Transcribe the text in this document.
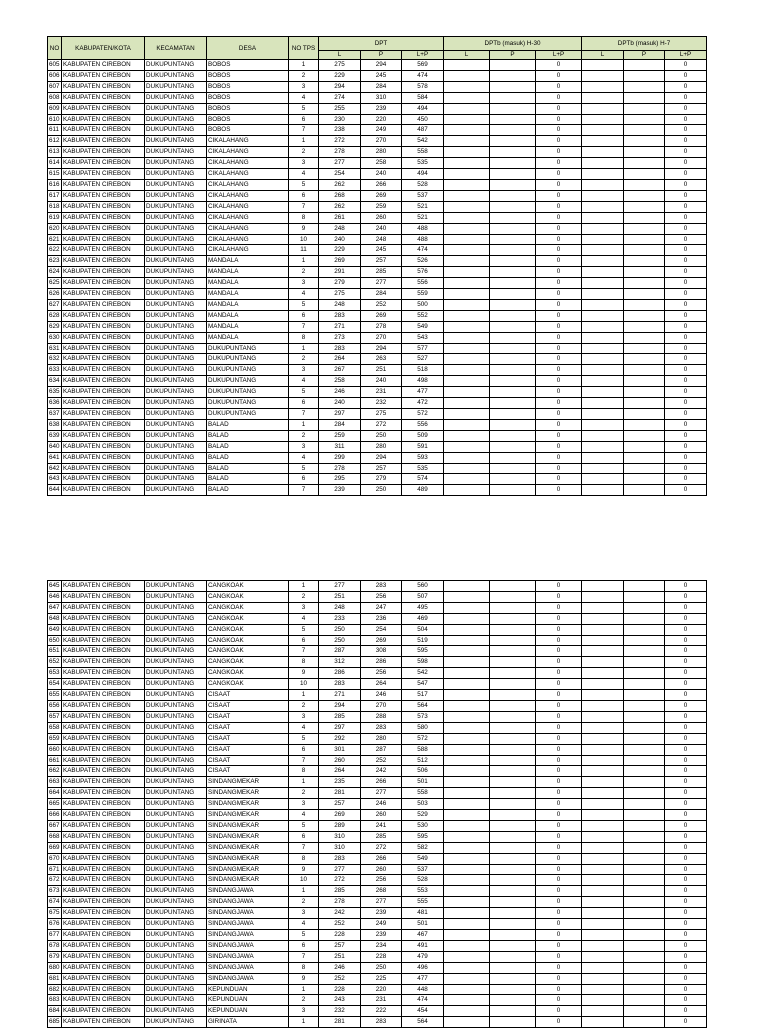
NO	KABUPATEN/KOTA	KECAMATAN	DESA	NO TPS	DPT			DPTb (masuk) H-30			DPTb (masuk) H-7		
					L	P	L+P	L	P	L+P	L	P	L+P
605	KABUPATEN CIREBON	DUKUPUNTANG	BOBOS	1	275	294	569			0			0
606	KABUPATEN CIREBON	DUKUPUNTANG	BOBOS	2	229	245	474			0			0
607	KABUPATEN CIREBON	DUKUPUNTANG	BOBOS	3	294	284	578			0			0
608	KABUPATEN CIREBON	DUKUPUNTANG	BOBOS	4	274	310	584			0			0
609	KABUPATEN CIREBON	DUKUPUNTANG	BOBOS	5	255	239	494			0			0
610	KABUPATEN CIREBON	DUKUPUNTANG	BOBOS	6	230	220	450			0			0
611	KABUPATEN CIREBON	DUKUPUNTANG	BOBOS	7	238	249	487			0			0
612	KABUPATEN CIREBON	DUKUPUNTANG	CIKALAHANG	1	272	270	542			0			0
613	KABUPATEN CIREBON	DUKUPUNTANG	CIKALAHANG	2	278	280	558			0			0
614	KABUPATEN CIREBON	DUKUPUNTANG	CIKALAHANG	3	277	258	535			0			0
615	KABUPATEN CIREBON	DUKUPUNTANG	CIKALAHANG	4	254	240	494			0			0
616	KABUPATEN CIREBON	DUKUPUNTANG	CIKALAHANG	5	262	266	528			0			0
617	KABUPATEN CIREBON	DUKUPUNTANG	CIKALAHANG	6	268	269	537			0			0
618	KABUPATEN CIREBON	DUKUPUNTANG	CIKALAHANG	7	262	259	521			0			0
619	KABUPATEN CIREBON	DUKUPUNTANG	CIKALAHANG	8	261	260	521			0			0
620	KABUPATEN CIREBON	DUKUPUNTANG	CIKALAHANG	9	248	240	488			0			0
621	KABUPATEN CIREBON	DUKUPUNTANG	CIKALAHANG	10	240	248	488			0			0
622	KABUPATEN CIREBON	DUKUPUNTANG	CIKALAHANG	11	229	245	474			0			0
623	KABUPATEN CIREBON	DUKUPUNTANG	MANDALA	1	269	257	526			0			0
624	KABUPATEN CIREBON	DUKUPUNTANG	MANDALA	2	291	285	576			0			0
625	KABUPATEN CIREBON	DUKUPUNTANG	MANDALA	3	279	277	556			0			0
626	KABUPATEN CIREBON	DUKUPUNTANG	MANDALA	4	275	284	559			0			0
627	KABUPATEN CIREBON	DUKUPUNTANG	MANDALA	5	248	252	500			0			0
628	KABUPATEN CIREBON	DUKUPUNTANG	MANDALA	6	283	269	552			0			0
629	KABUPATEN CIREBON	DUKUPUNTANG	MANDALA	7	271	278	549			0			0
630	KABUPATEN CIREBON	DUKUPUNTANG	MANDALA	8	273	270	543			0			0
631	KABUPATEN CIREBON	DUKUPUNTANG	DUKUPUNTANG	1	283	294	577			0			0
632	KABUPATEN CIREBON	DUKUPUNTANG	DUKUPUNTANG	2	264	263	527			0			0
633	KABUPATEN CIREBON	DUKUPUNTANG	DUKUPUNTANG	3	267	251	518			0			0
634	KABUPATEN CIREBON	DUKUPUNTANG	DUKUPUNTANG	4	258	240	498			0			0
635	KABUPATEN CIREBON	DUKUPUNTANG	DUKUPUNTANG	5	246	231	477			0			0
636	KABUPATEN CIREBON	DUKUPUNTANG	DUKUPUNTANG	6	240	232	472			0			0
637	KABUPATEN CIREBON	DUKUPUNTANG	DUKUPUNTANG	7	297	275	572			0			0
638	KABUPATEN CIREBON	DUKUPUNTANG	BALAD	1	284	272	556			0			0
639	KABUPATEN CIREBON	DUKUPUNTANG	BALAD	2	259	250	509			0			0
640	KABUPATEN CIREBON	DUKUPUNTANG	BALAD	3	311	280	591			0			0
641	KABUPATEN CIREBON	DUKUPUNTANG	BALAD	4	299	294	593			0			0
642	KABUPATEN CIREBON	DUKUPUNTANG	BALAD	5	278	257	535			0			0
643	KABUPATEN CIREBON	DUKUPUNTANG	BALAD	6	295	279	574			0			0
644	KABUPATEN CIREBON	DUKUPUNTANG	BALAD	7	239	250	489			0			0
645	KABUPATEN CIREBON	DUKUPUNTANG	CANGKOAK	1	277	283	560			0			0
646	KABUPATEN CIREBON	DUKUPUNTANG	CANGKOAK	2	251	256	507			0			0
647	KABUPATEN CIREBON	DUKUPUNTANG	CANGKOAK	3	248	247	495			0			0
648	KABUPATEN CIREBON	DUKUPUNTANG	CANGKOAK	4	233	236	469			0			0
649	KABUPATEN CIREBON	DUKUPUNTANG	CANGKOAK	5	250	254	504			0			0
650	KABUPATEN CIREBON	DUKUPUNTANG	CANGKOAK	6	250	269	519			0			0
651	KABUPATEN CIREBON	DUKUPUNTANG	CANGKOAK	7	287	308	595			0			0
652	KABUPATEN CIREBON	DUKUPUNTANG	CANGKOAK	8	312	286	598			0			0
653	KABUPATEN CIREBON	DUKUPUNTANG	CANGKOAK	9	286	256	542			0			0
654	KABUPATEN CIREBON	DUKUPUNTANG	CANGKOAK	10	283	264	547			0			0
655	KABUPATEN CIREBON	DUKUPUNTANG	CISAAT	1	271	246	517			0			0
656	KABUPATEN CIREBON	DUKUPUNTANG	CISAAT	2	294	270	564			0			0
657	KABUPATEN CIREBON	DUKUPUNTANG	CISAAT	3	285	288	573			0			0
658	KABUPATEN CIREBON	DUKUPUNTANG	CISAAT	4	297	283	580			0			0
659	KABUPATEN CIREBON	DUKUPUNTANG	CISAAT	5	292	280	572			0			0
660	KABUPATEN CIREBON	DUKUPUNTANG	CISAAT	6	301	287	588			0			0
661	KABUPATEN CIREBON	DUKUPUNTANG	CISAAT	7	260	252	512			0			0
662	KABUPATEN CIREBON	DUKUPUNTANG	CISAAT	8	264	242	506			0			0
663	KABUPATEN CIREBON	DUKUPUNTANG	SINDANGMEKAR	1	235	266	501			0			0
664	KABUPATEN CIREBON	DUKUPUNTANG	SINDANGMEKAR	2	281	277	558			0			0
665	KABUPATEN CIREBON	DUKUPUNTANG	SINDANGMEKAR	3	257	246	503			0			0
666	KABUPATEN CIREBON	DUKUPUNTANG	SINDANGMEKAR	4	269	260	529			0			0
667	KABUPATEN CIREBON	DUKUPUNTANG	SINDANGMEKAR	5	289	241	530			0			0
668	KABUPATEN CIREBON	DUKUPUNTANG	SINDANGMEKAR	6	310	285	595			0			0
669	KABUPATEN CIREBON	DUKUPUNTANG	SINDANGMEKAR	7	310	272	582			0			0
670	KABUPATEN CIREBON	DUKUPUNTANG	SINDANGMEKAR	8	283	266	549			0			0
671	KABUPATEN CIREBON	DUKUPUNTANG	SINDANGMEKAR	9	277	260	537			0			0
672	KABUPATEN CIREBON	DUKUPUNTANG	SINDANGMEKAR	10	272	256	528			0			0
673	KABUPATEN CIREBON	DUKUPUNTANG	SINDANGJAWA	1	285	268	553			0			0
674	KABUPATEN CIREBON	DUKUPUNTANG	SINDANGJAWA	2	278	277	555			0			0
675	KABUPATEN CIREBON	DUKUPUNTANG	SINDANGJAWA	3	242	239	481			0			0
676	KABUPATEN CIREBON	DUKUPUNTANG	SINDANGJAWA	4	252	249	501			0			0
677	KABUPATEN CIREBON	DUKUPUNTANG	SINDANGJAWA	5	228	239	467			0			0
678	KABUPATEN CIREBON	DUKUPUNTANG	SINDANGJAWA	6	257	234	491			0			0
679	KABUPATEN CIREBON	DUKUPUNTANG	SINDANGJAWA	7	251	228	479			0			0
680	KABUPATEN CIREBON	DUKUPUNTANG	SINDANGJAWA	8	246	250	496			0			0
681	KABUPATEN CIREBON	DUKUPUNTANG	SINDANGJAWA	9	252	225	477			0			0
682	KABUPATEN CIREBON	DUKUPUNTANG	KEPUNDUAN	1	228	220	448			0			0
683	KABUPATEN CIREBON	DUKUPUNTANG	KEPUNDUAN	2	243	231	474			0			0
684	KABUPATEN CIREBON	DUKUPUNTANG	KEPUNDUAN	3	232	222	454			0			0
685	KABUPATEN CIREBON	DUKUPUNTANG	GIRINATA	1	281	283	564			0			0
